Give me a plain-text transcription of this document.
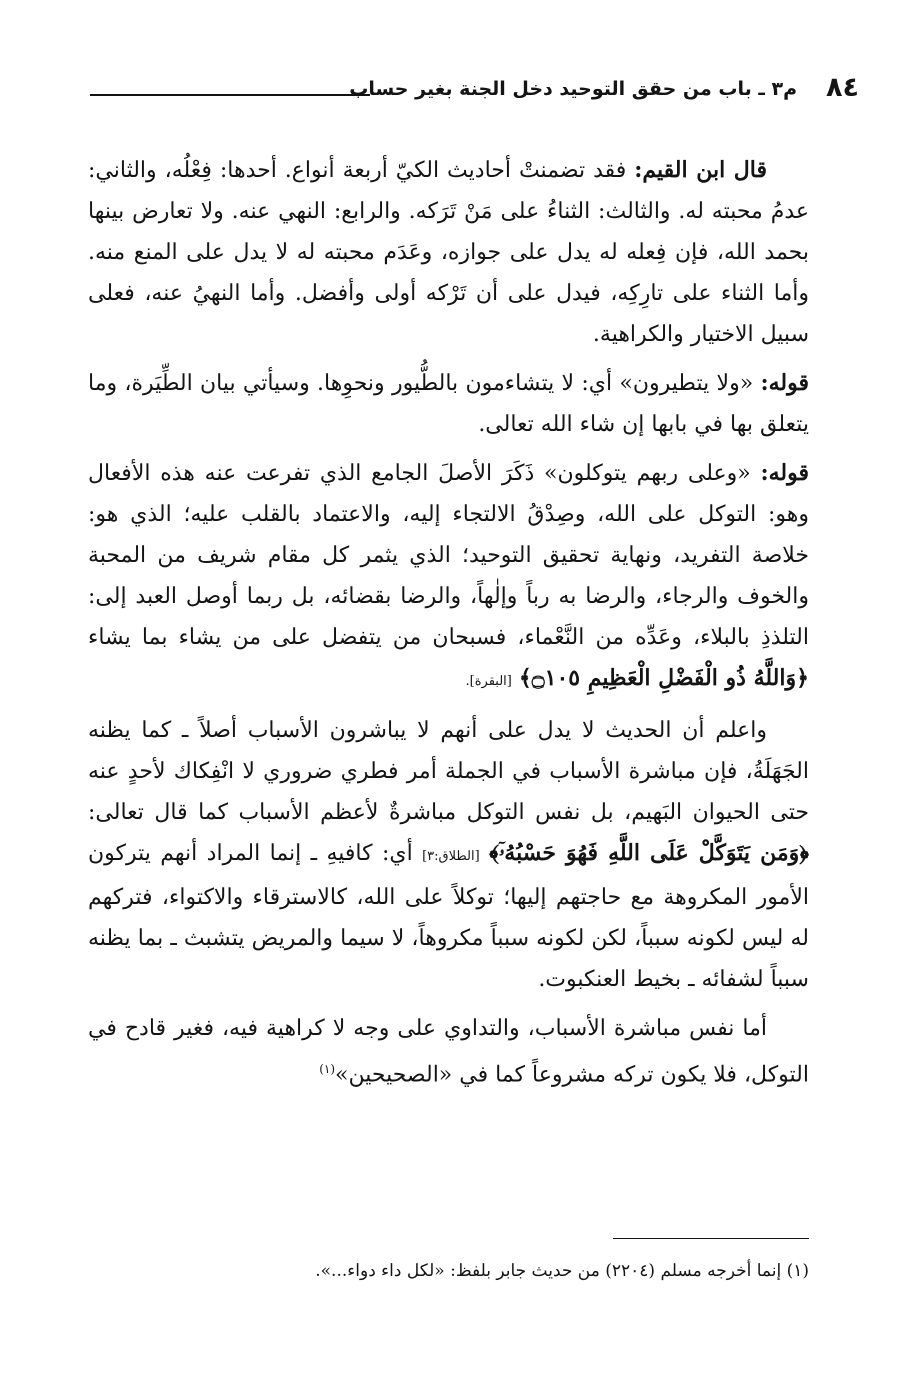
٨٤
م٣ ـ باب من حقق التوحيد دخل الجنة بغير حساب

قال ابن القيم: فقد تضمنتْ أحاديث الكيّ أربعة أنواع. أحدها: فِعْلُه، والثاني: عدمُ محبته له. والثالث: الثناءُ على مَنْ تَرَكه. والرابع: النهي عنه. ولا تعارض بينها بحمد الله، فإن فِعله له يدل على جوازه، وعَدَم محبته له لا يدل على المنع منه. وأما الثناء على تارِكِه، فيدل على أن تَرْكه أولى وأفضل. وأما النهيُ عنه، فعلى سبيل الاختيار والكراهية.

قوله: «ولا يتطيرون» أي: لا يتشاءمون بالطُّيور ونحوِها. وسيأتي بيان الطِّيَرة، وما يتعلق بها في بابها إن شاء الله تعالى.

قوله: «وعلى ربهم يتوكلون» ذَكَرَ الأصلَ الجامع الذي تفرعت عنه هذه الأفعال وهو: التوكل على الله، وصِدْقُ الالتجاء إليه، والاعتماد بالقلب عليه؛ الذي هو: خلاصة التفريد، ونهاية تحقيق التوحيد؛ الذي يثمر كل مقام شريف من المحبة والخوف والرجاء، والرضا به رباً وإلٰهاً، والرضا بقضائه، بل ربما أوصل العبد إلى: التلذذِ بالبلاء، وعَدِّه من النَّعْماء، فسبحان من يتفضل على من يشاء بما يشاء ﴿وَاللَّهُ ذُو الْفَضْلِ الْعَظِيمِ ۝١٠٥﴾ [البقرة].

واعلم أن الحديث لا يدل على أنهم لا يباشرون الأسباب أصلاً ـ كما يظنه الجَهَلَةُ، فإن مباشرة الأسباب في الجملة أمر فطري ضروري لا انْفِكاك لأحدٍ عنه حتى الحيوان البَهيم، بل نفس التوكل مباشرةٌ لأعظم الأسباب كما قال تعالى: ﴿وَمَن يَتَوَكَّلْ عَلَى اللَّهِ فَهُوَ حَسْبُهُۥٓ﴾ [الطلاق:٣] أي: كافيهِ ـ إنما المراد أنهم يتركون الأمور المكروهة مع حاجتهم إليها؛ توكلاً على الله، كالاسترقاء والاكتواء، فتركهم له ليس لكونه سبباً، لكن لكونه سبباً مكروهاً، لا سيما والمريض يتشبث ـ بما يظنه سبباً لشفائه ـ بخيط العنكبوت.

أما نفس مباشرة الأسباب، والتداوي على وجه لا كراهية فيه، فغير قادح في التوكل، فلا يكون تركه مشروعاً كما في «الصحيحين»$^{(١)}$

(١) إنما أخرجه مسلم (٢٢٠٤) من حديث جابر بلفظ: «لكل داء دواء...».
